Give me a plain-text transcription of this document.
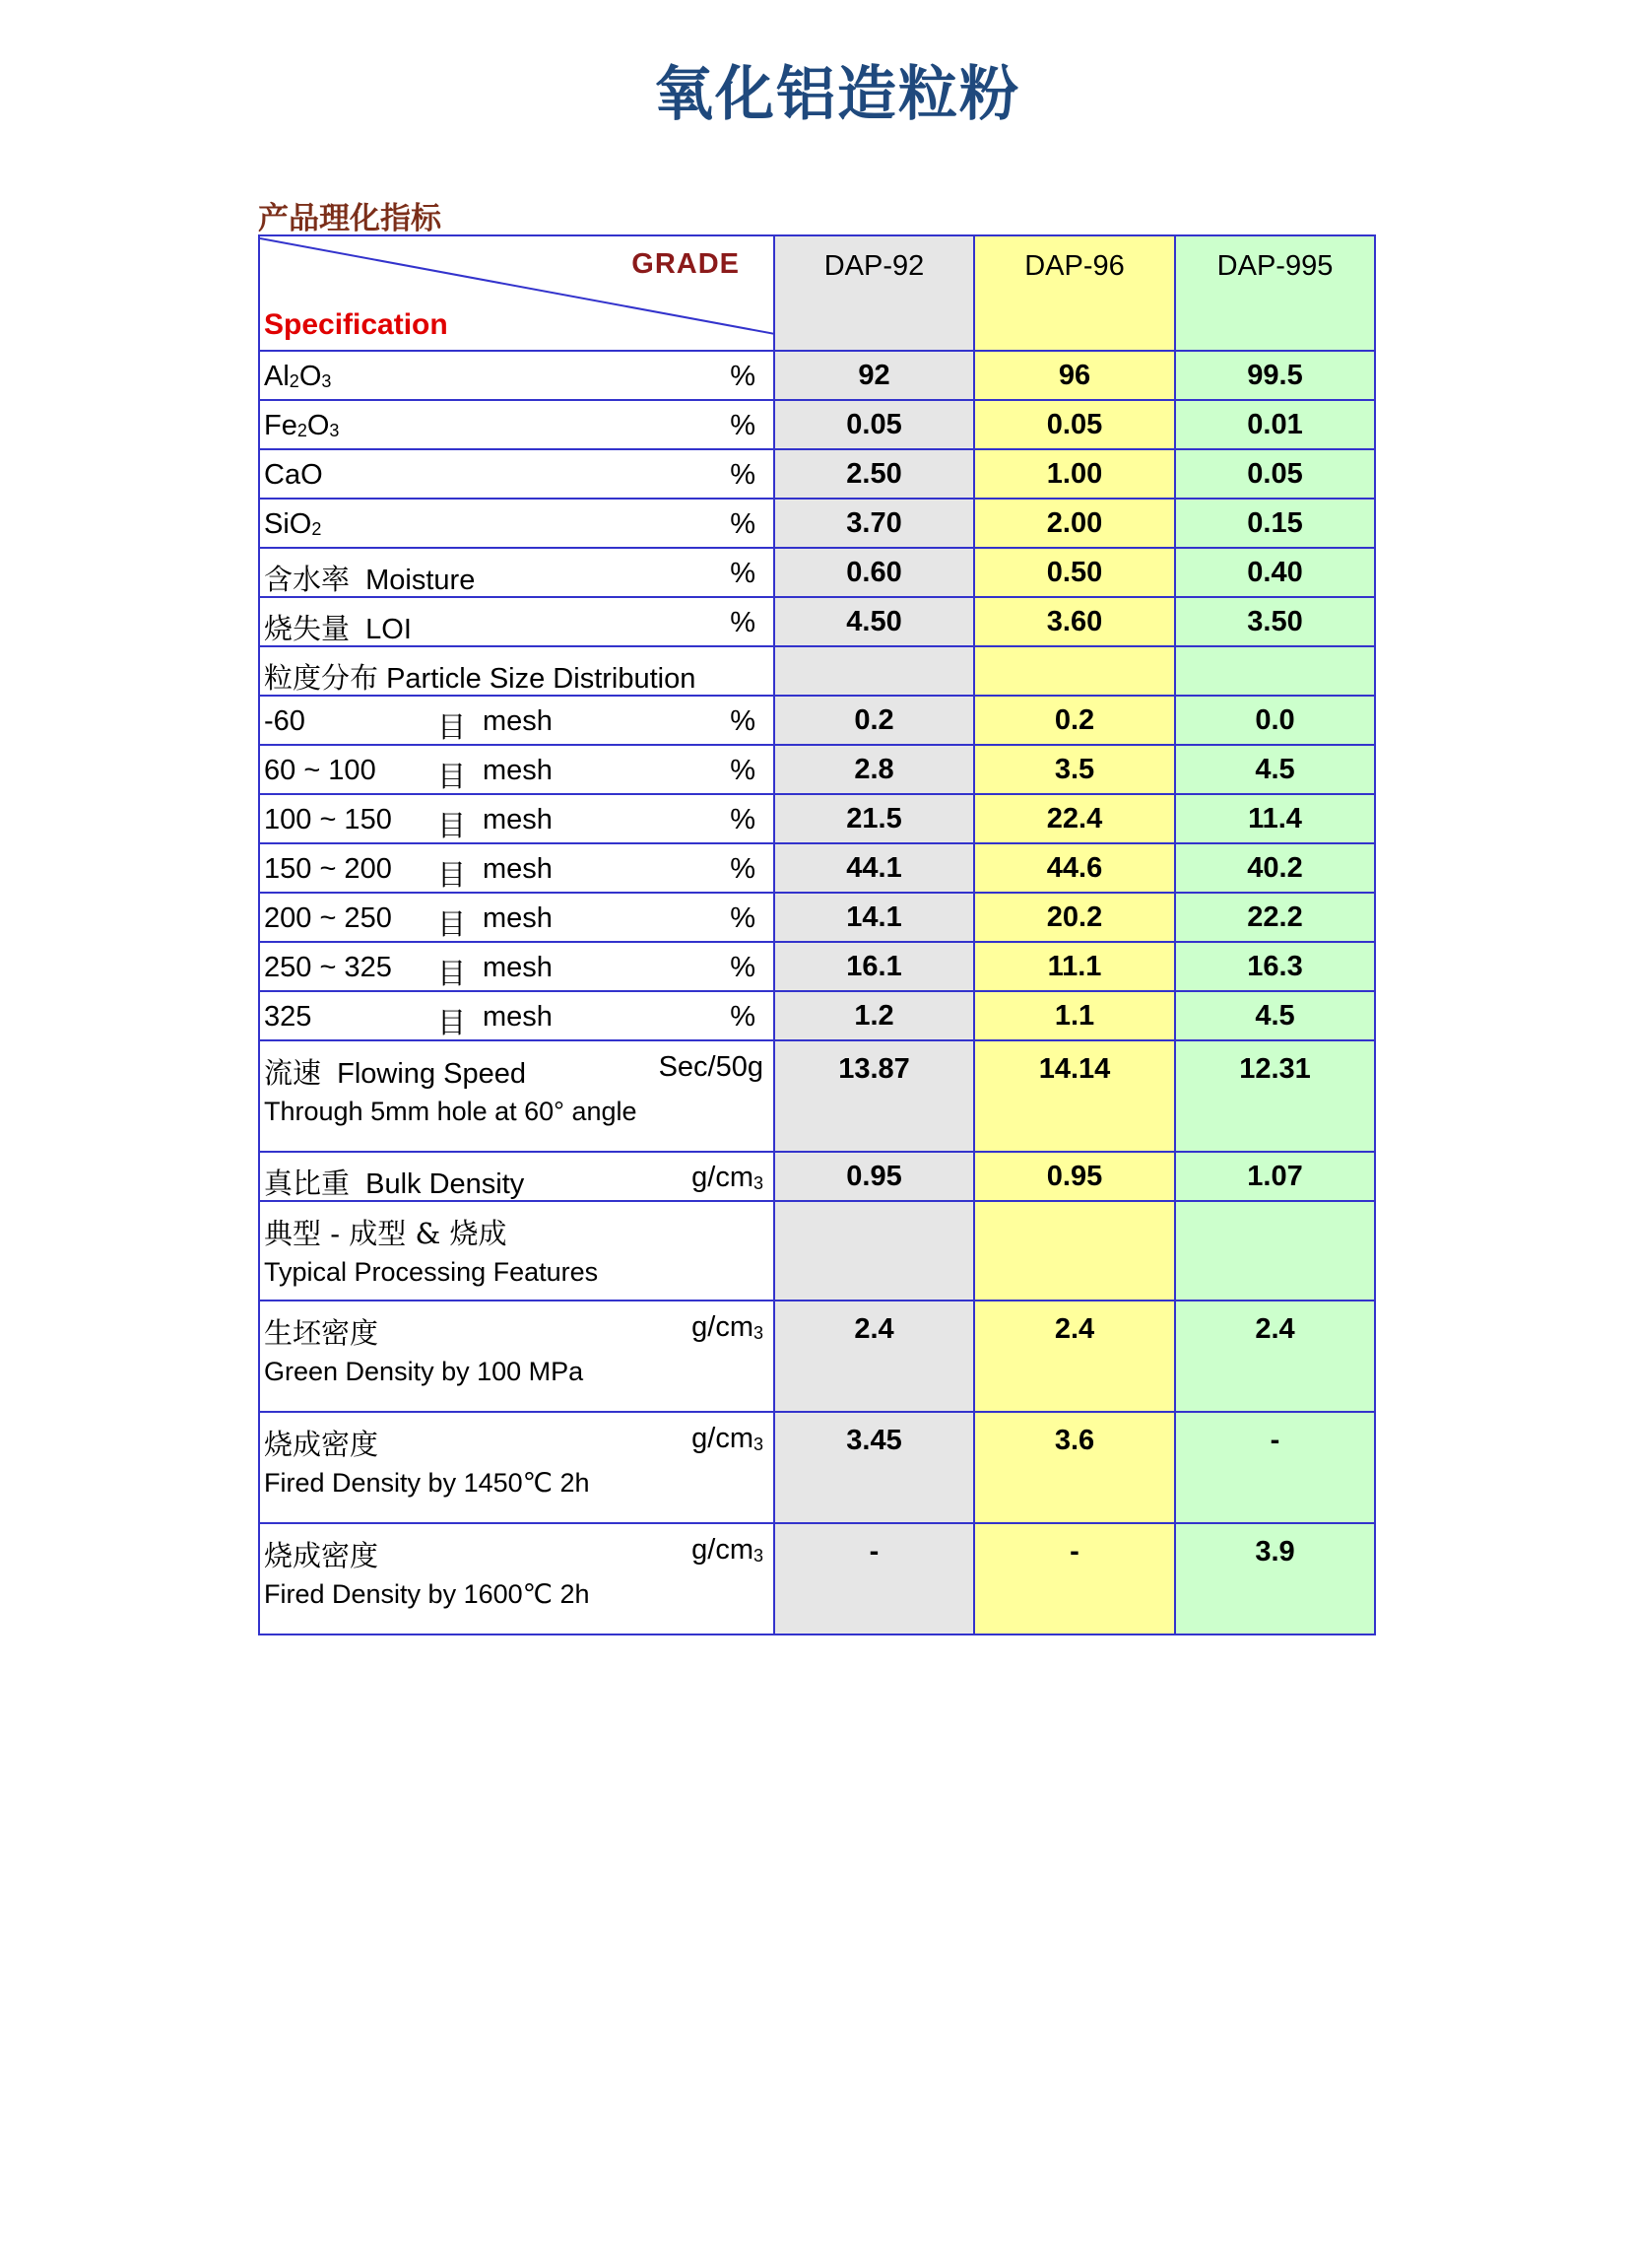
氧化铝造粒粉
产品理化指标
GRADE
Specification	DAP-92	DAP-96	DAP-995

$Al_2O_3$ %	92	96	99.5

$Fe_2O_3$ %	0.05	0.05	0.01

CaO %	2.50	1.00	0.05

SiO$_2$ %	3.70	2.00	0.15

含水率 Moisture %	0.60	0.50	0.40

烧失量 LOI %	4.50	3.60	3.50

粒度分布 Particle Size Distribution			

-60 目 mesh %	0.2	0.2	0.0

60 ~ 100 目 mesh %	2.8	3.5	4.5

100 ~ 150 目 mesh %	21.5	22.4	11.4

150 ~ 200 目 mesh %	44.1	44.6	40.2

200 ~ 250 目 mesh %	14.1	20.2	22.2

250 ~ 325 目 mesh %	16.1	11.1	16.3

325 目 mesh %	1.2	1.1	4.5

流速 Flowing Speed Sec/50g
Through 5mm hole at 60° angle	13.87	14.14	12.31

真比重 Bulk Density $g/cm_3$	0.95	0.95	1.07

典型 - 成型 & 烧成
Typical Processing Features			

生坯密度 $g/cm_3$
Green Density by 100 MPa	2.4	2.4	2.4

烧成密度 $g/cm_3$
Fired Density by 1450℃ 2h	3.45	3.6	-

烧成密度 $g/cm_3$
Fired Density by 1600℃ 2h	-	-	3.9
